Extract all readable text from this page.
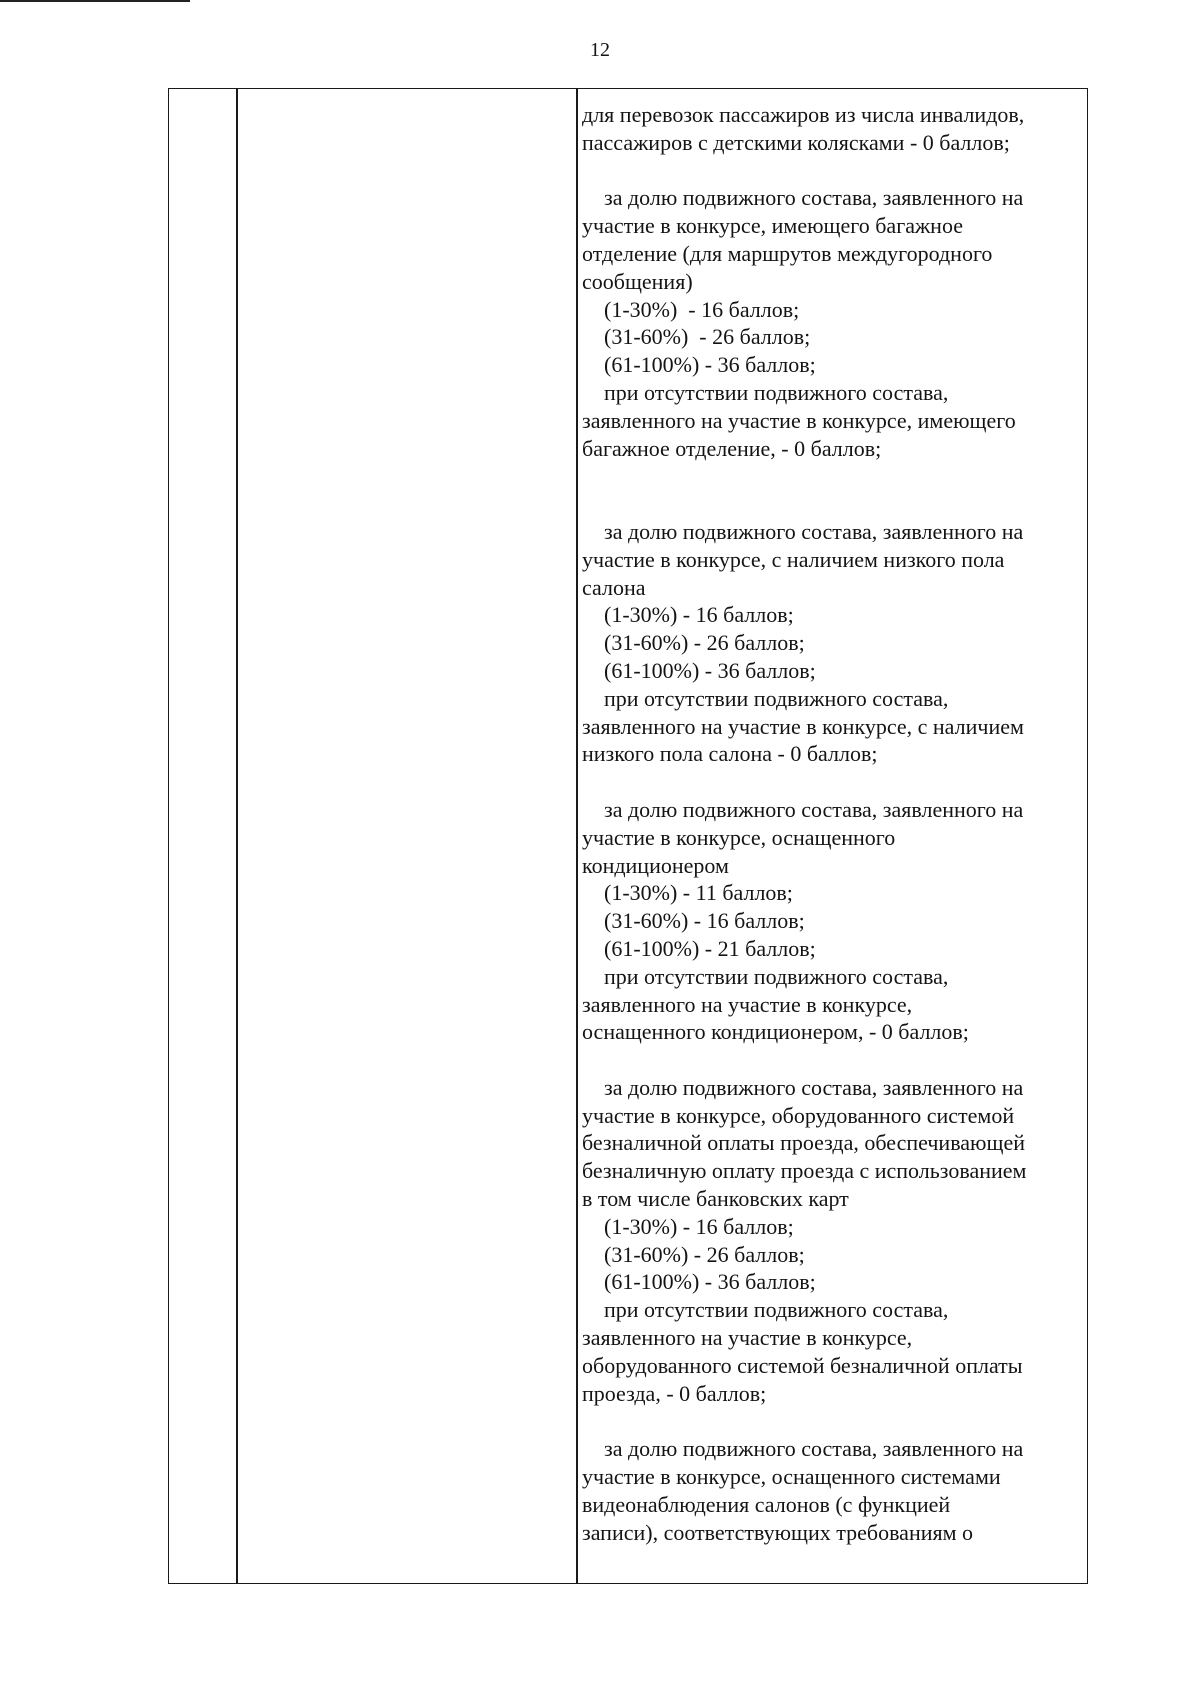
12
для перевозок пассажиров из числа инвалидов,
пассажиров с детскими колясками - 0 баллов;
за долю подвижного состава, заявленного на
участие в конкурсе, имеющего багажное
отделение (для маршрутов междугородного
сообщения)
(1-30%)  - 16 баллов;
(31-60%)  - 26 баллов;
(61-100%) - 36 баллов;
при отсутствии подвижного состава,
заявленного на участие в конкурсе, имеющего
багажное отделение, - 0 баллов;
за долю подвижного состава, заявленного на
участие в конкурсе, с наличием низкого пола
салона
(1-30%) - 16 баллов;
(31-60%) - 26 баллов;
(61-100%) - 36 баллов;
при отсутствии подвижного состава,
заявленного на участие в конкурсе, с наличием
низкого пола салона - 0 баллов;
за долю подвижного состава, заявленного на
участие в конкурсе, оснащенного
кондиционером
(1-30%) - 11 баллов;
(31-60%) - 16 баллов;
(61-100%) - 21 баллов;
при отсутствии подвижного состава,
заявленного на участие в конкурсе,
оснащенного кондиционером, - 0 баллов;
за долю подвижного состава, заявленного на
участие в конкурсе, оборудованного системой
безналичной оплаты проезда, обеспечивающей
безналичную оплату проезда с использованием
в том числе банковских карт
(1-30%) - 16 баллов;
(31-60%) - 26 баллов;
(61-100%) - 36 баллов;
при отсутствии подвижного состава,
заявленного на участие в конкурсе,
оборудованного системой безналичной оплаты
проезда, - 0 баллов;
за долю подвижного состава, заявленного на
участие в конкурсе, оснащенного системами
видеонаблюдения салонов (с функцией
записи), соответствующих требованиям о
